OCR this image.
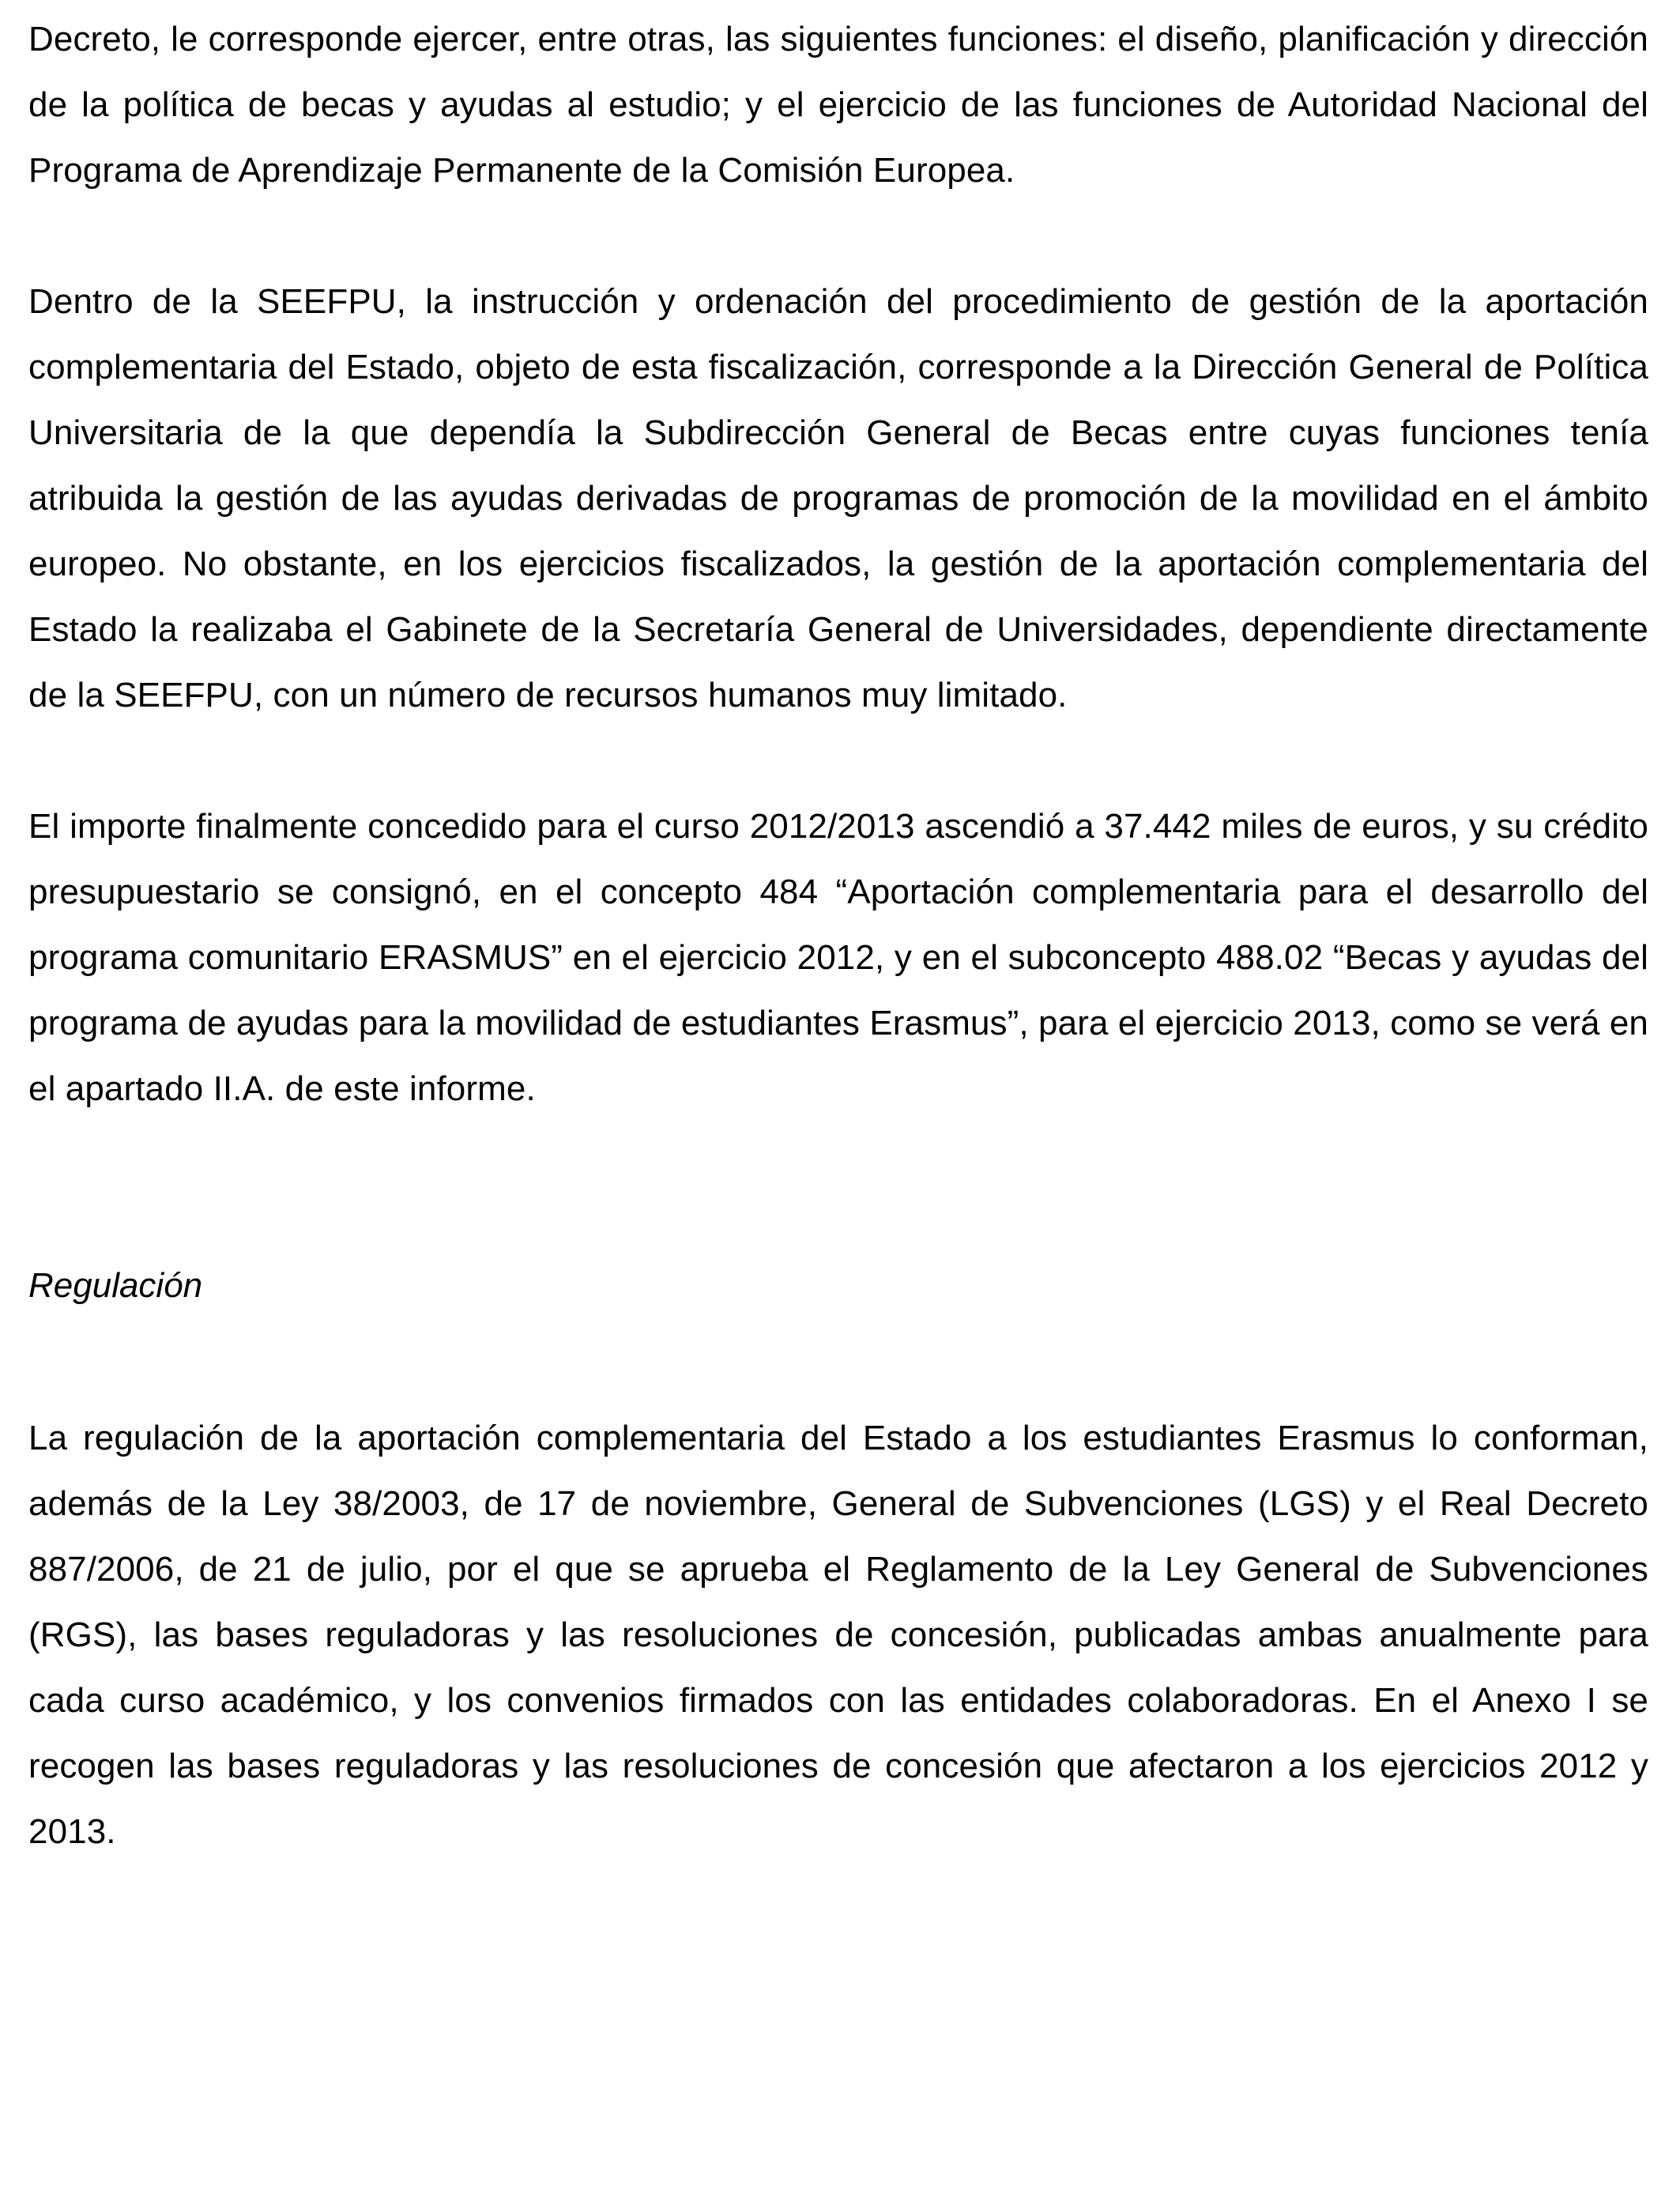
Decreto, le corresponde ejercer, entre otras, las siguientes funciones: el diseño, planificación y dirección de la política de becas y ayudas al estudio; y el ejercicio de las funciones de Autoridad Nacional del Programa de Aprendizaje Permanente de la Comisión Europea.

Dentro de la SEEFPU, la instrucción y ordenación del procedimiento de gestión de la aportación complementaria del Estado, objeto de esta fiscalización, corresponde a la Dirección General de Política Universitaria de la que dependía la Subdirección General de Becas entre cuyas funciones tenía atribuida la gestión de las ayudas derivadas de programas de promoción de la movilidad en el ámbito europeo. No obstante, en los ejercicios fiscalizados, la gestión de la aportación complementaria del Estado la realizaba el Gabinete de la Secretaría General de Universidades, dependiente directamente de la SEEFPU, con un número de recursos humanos muy limitado.

El importe finalmente concedido para el curso 2012/2013 ascendió a 37.442 miles de euros, y su crédito presupuestario se consignó, en el concepto 484 “Aportación complementaria para el desarrollo del programa comunitario ERASMUS” en el ejercicio 2012, y en el subconcepto 488.02 “Becas y ayudas del programa de ayudas para la movilidad de estudiantes Erasmus”, para el ejercicio 2013, como se verá en el apartado II.A. de este informe.

Regulación

La regulación de la aportación complementaria del Estado a los estudiantes Erasmus lo conforman, además de la Ley 38/2003, de 17 de noviembre, General de Subvenciones (LGS) y el Real Decreto 887/2006, de 21 de julio, por el que se aprueba el Reglamento de la Ley General de Subvenciones (RGS), las bases reguladoras y las resoluciones de concesión, publicadas ambas anualmente para cada curso académico, y los convenios firmados con las entidades colaboradoras. En el Anexo I se recogen las bases reguladoras y las resoluciones de concesión que afectaron a los ejercicios 2012 y 2013.
